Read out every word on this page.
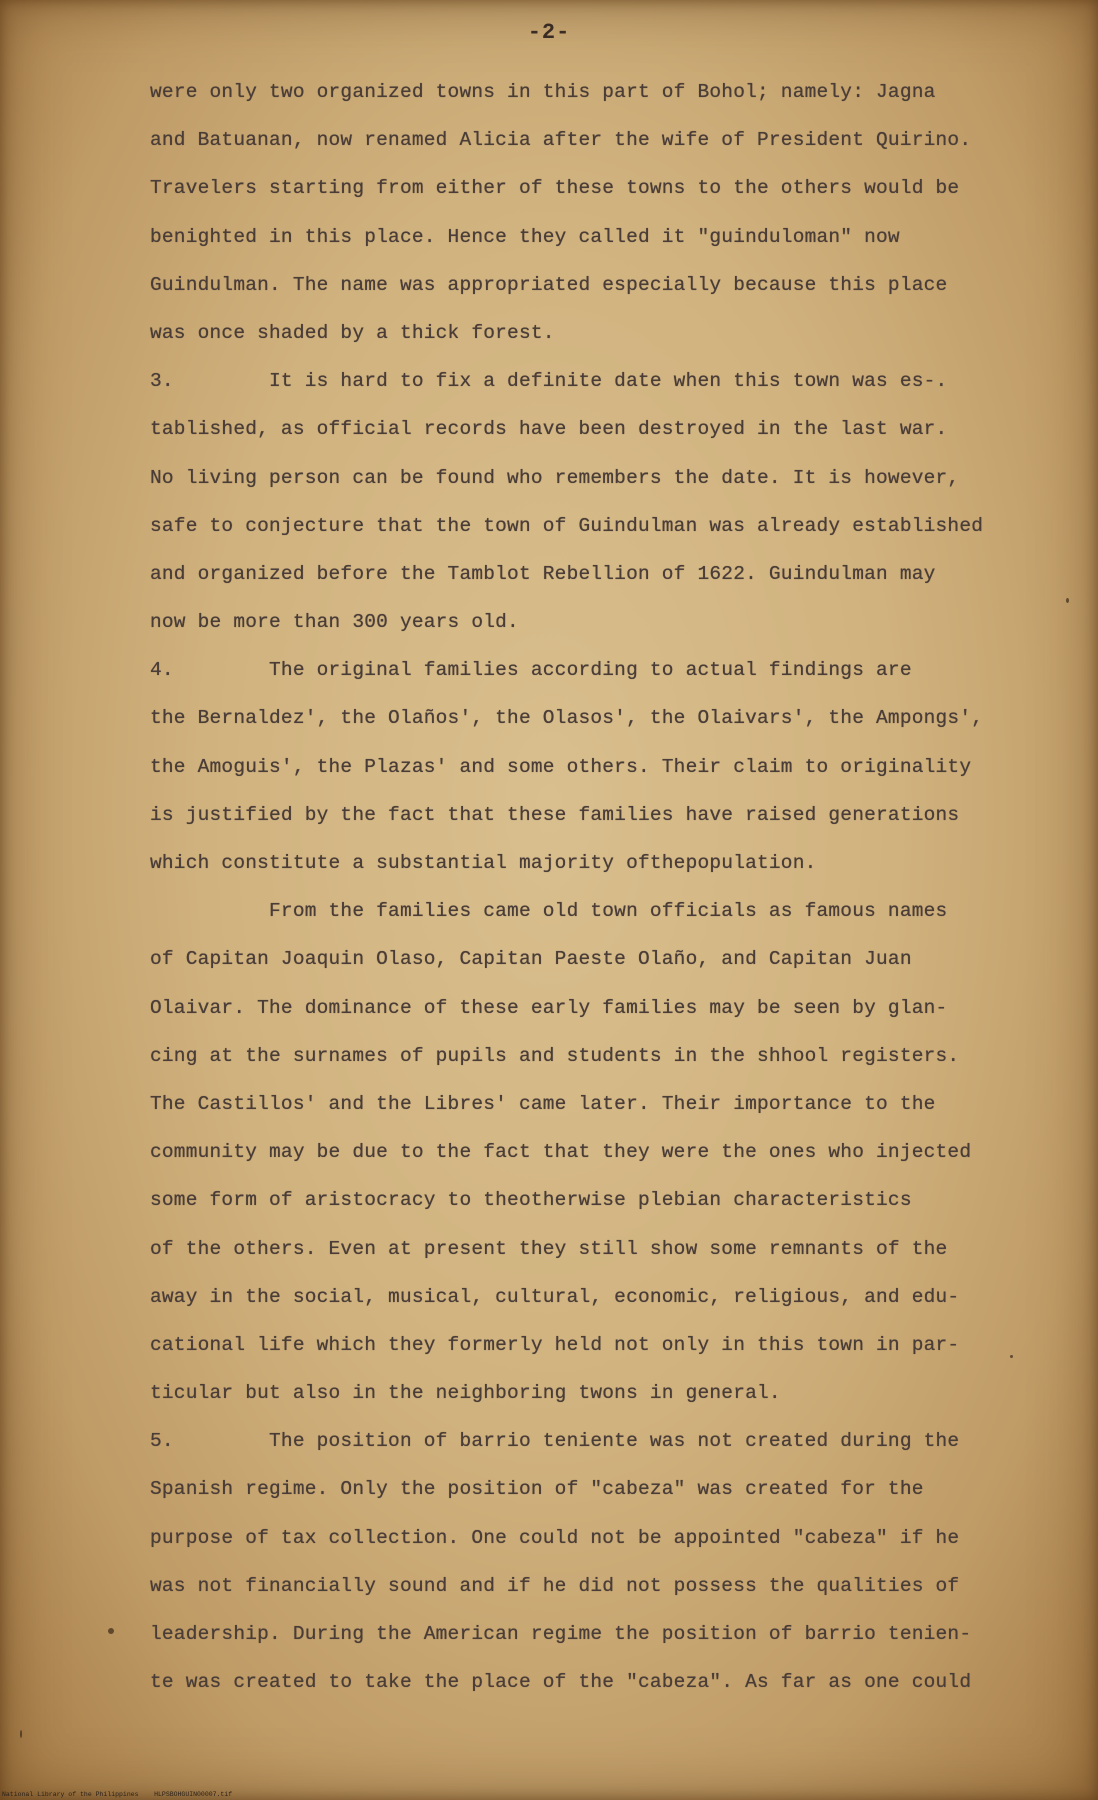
-2-
were only two organized towns in this part of Bohol; namely: Jagna
and Batuanan, now renamed Alicia after the wife of President Quirino.
Travelers starting from either of these towns to the others would be
benighted in this place. Hence they called it "guinduloman" now
Guindulman. The name was appropriated especially because this place
was once shaded by a thick forest.
3.        It is hard to fix a definite date when this town was es-.
tablished, as official records have been destroyed in the last war.
No living person can be found who remembers the date. It is however,
safe to conjecture that the town of Guindulman was already established
and organized before the Tamblot Rebellion of 1622. Guindulman may
now be more than 300 years old.
4.        The original families according to actual findings are
the Bernaldez', the Olaños', the Olasos', the Olaivars', the Ampongs',
the Amoguis', the Plazas' and some others. Their claim to originality
is justified by the fact that these families have raised generations
which constitute a substantial majority ofthepopulation.
From the families came old town officials as famous names
of Capitan Joaquin Olaso, Capitan Paeste Olaño, and Capitan Juan
Olaivar. The dominance of these early families may be seen by glan-
cing at the surnames of pupils and students in the shhool registers.
The Castillos' and the Libres' came later. Their importance to the
community may be due to the fact that they were the ones who injected
some form of aristocracy to theotherwise plebian characteristics
of the others. Even at present they still show some remnants of the
away in the social, musical, cultural, economic, religious, and edu-
cational life which they formerly held not only in this town in par-
ticular but also in the neighboring twons in general.
5.        The position of barrio teniente was not created during the
Spanish regime. Only the position of "cabeza" was created for the
purpose of tax collection. One could not be appointed "cabeza" if he
was not financially sound and if he did not possess the qualities of
leadership. During the American regime the position of barrio tenien-
te was created to take the place of the "cabeza". As far as one could
National Library of the Philippines    HLPSBOHGUIN00007.tif
